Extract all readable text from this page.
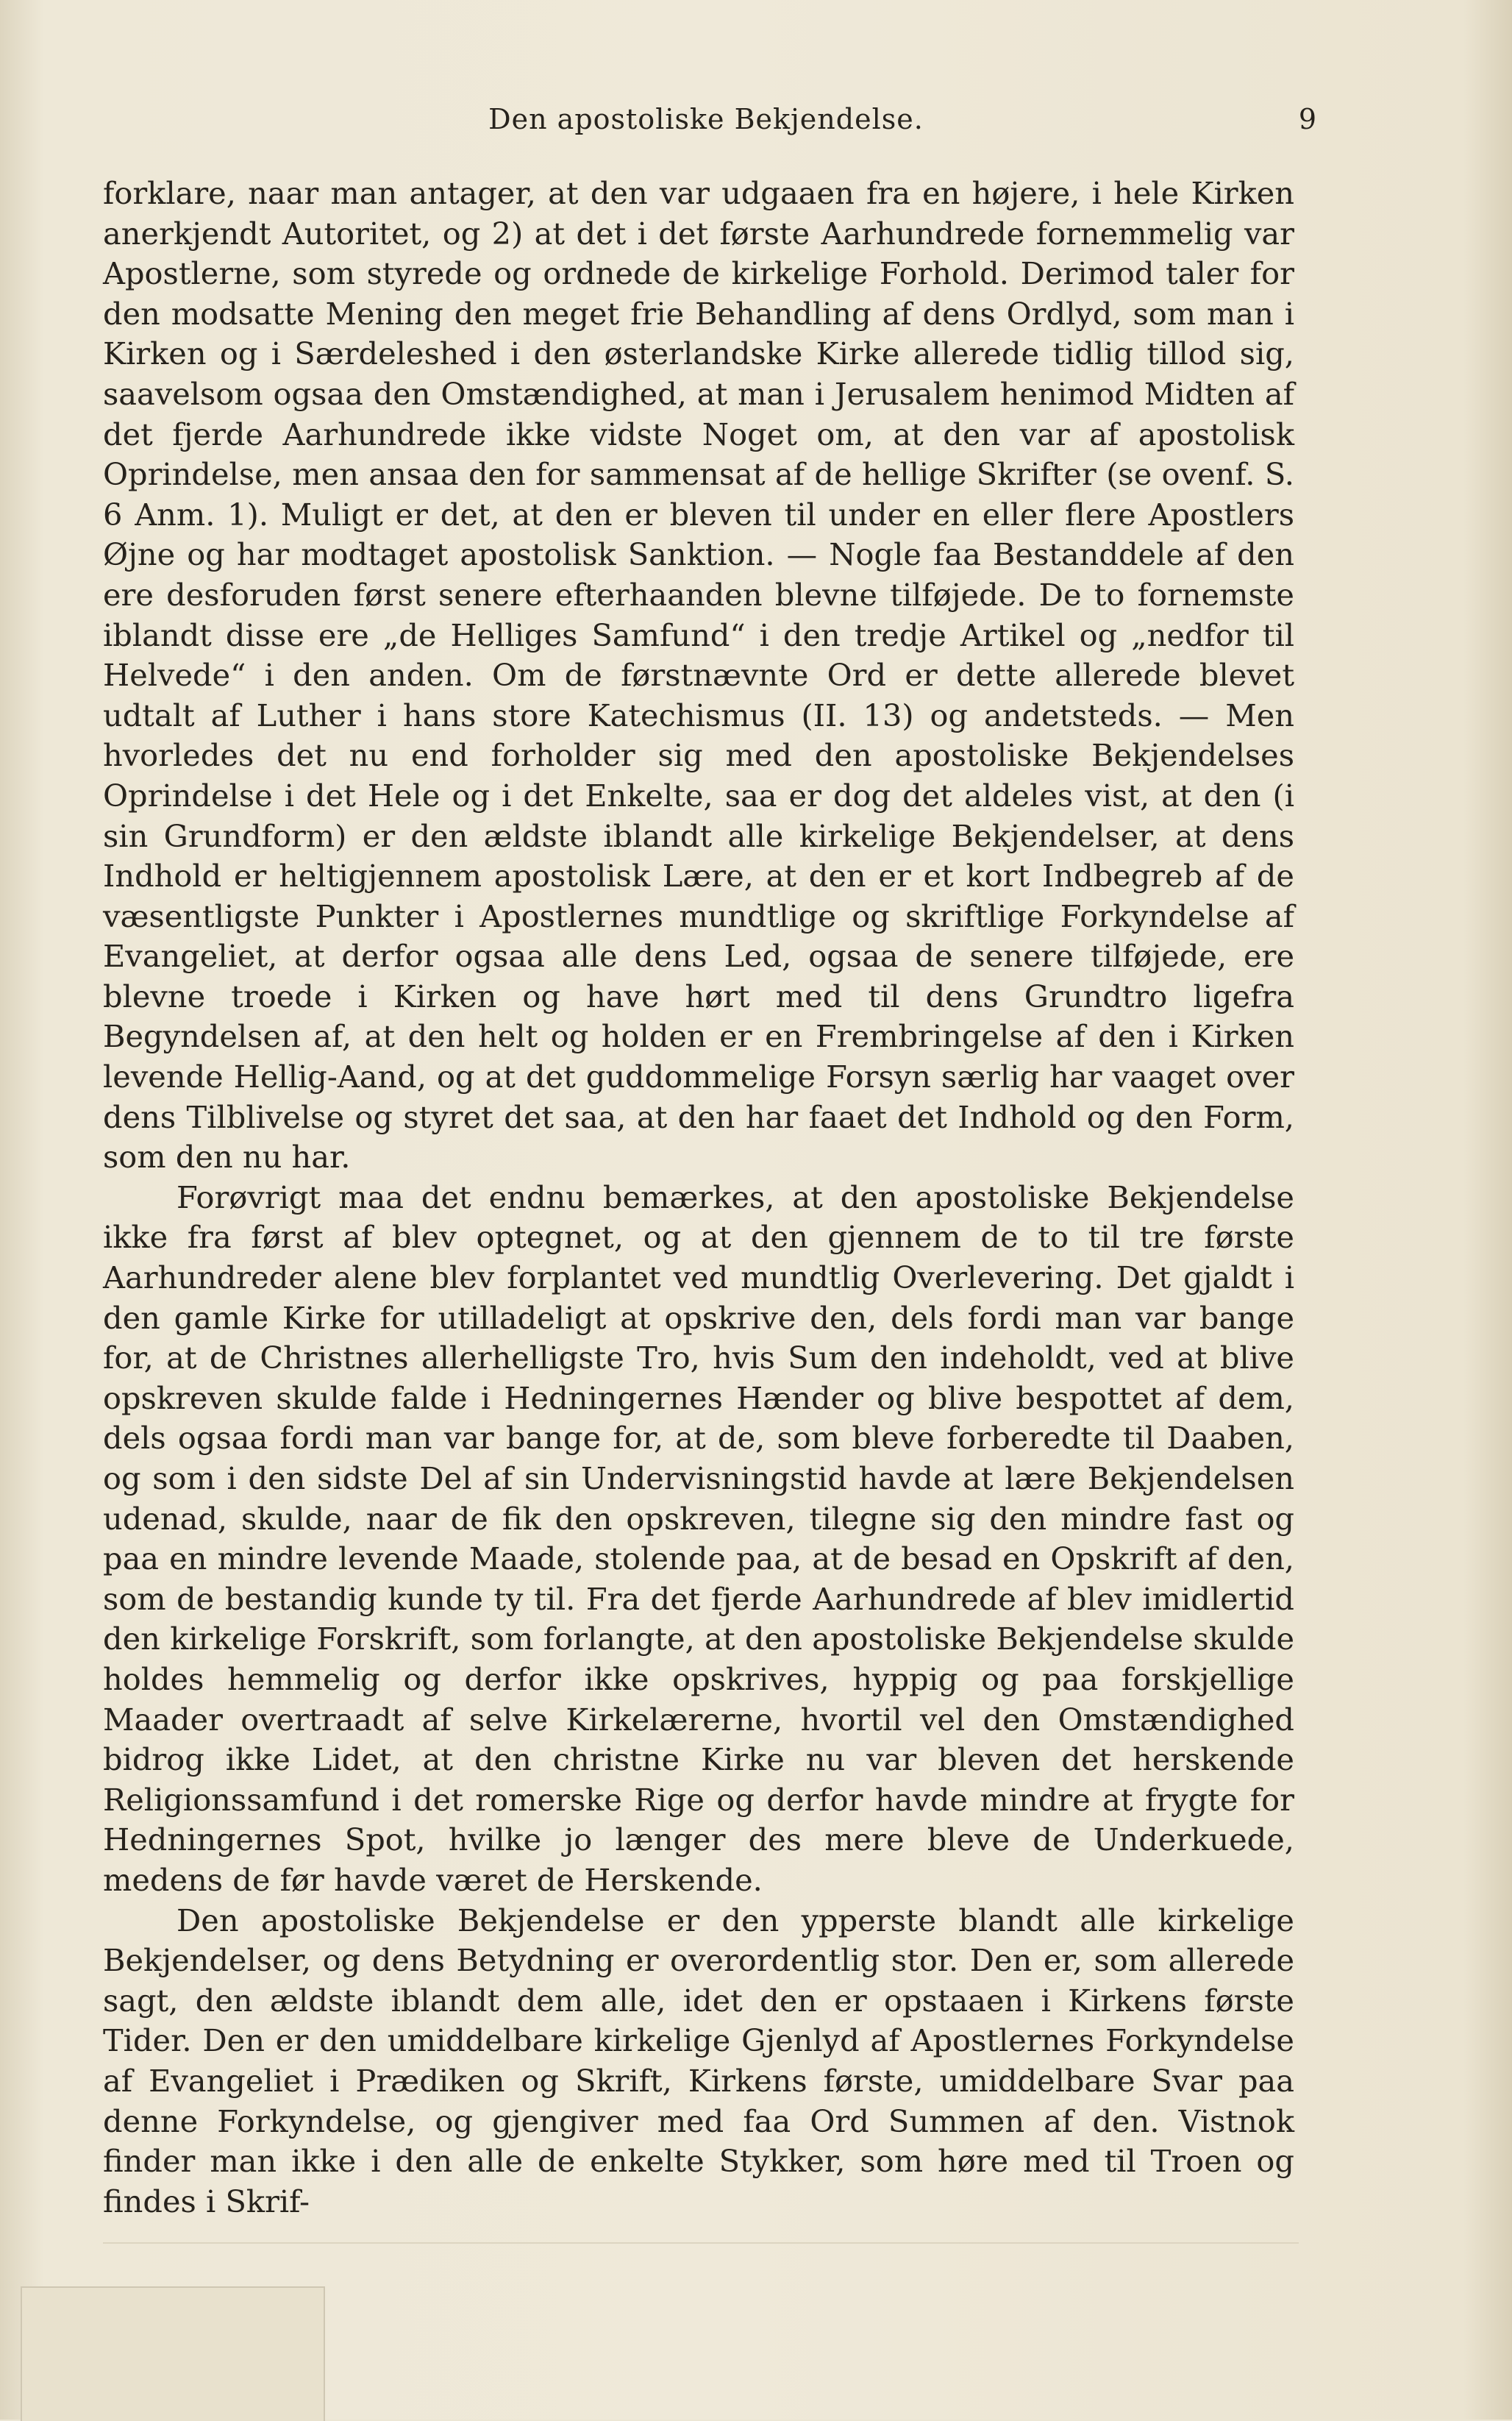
Den apostoliske Bekjendelse.	9

forklare, naar man antager, at den var udgaaen fra en højere, i hele Kirken anerkjendt Autoritet, og 2) at det i det første Aarhundrede fornemmelig var Apostlerne, som styrede og ordnede de kirkelige Forhold. Derimod taler for den modsatte Mening den meget frie Behandling af dens Ordlyd, som man i Kirken og i Særdeleshed i den østerlandske Kirke allerede tidlig tillod sig, saavelsom ogsaa den Omstændighed, at man i Jerusalem henimod Midten af det fjerde Aarhundrede ikke vidste Noget om, at den var af apostolisk Oprindelse, men ansaa den for sammensat af de hellige Skrifter (se ovenf. S. 6 Anm. 1). Muligt er det, at den er bleven til under en eller flere Apostlers Øjne og har modtaget apostolisk Sanktion. — Nogle faa Bestanddele af den ere desforuden først senere efterhaanden blevne tilføjede. De to fornemste iblandt disse ere „de Helliges Samfund“ i den tredje Artikel og „nedfor til Helvede“ i den anden. Om de førstnævnte Ord er dette allerede blevet udtalt af Luther i hans store Katechismus (II. 13) og andetsteds. — Men hvorledes det nu end forholder sig med den apostoliske Bekjendelses Oprindelse i det Hele og i det Enkelte, saa er dog det aldeles vist, at den (i sin Grundform) er den ældste iblandt alle kirkelige Bekjendelser, at dens Indhold er heltigjennem apostolisk Lære, at den er et kort Indbegreb af de væsentligste Punkter i Apostlernes mundtlige og skriftlige Forkyndelse af Evangeliet, at derfor ogsaa alle dens Led, ogsaa de senere tilføjede, ere blevne troede i Kirken og have hørt med til dens Grundtro ligefra Begyndelsen af, at den helt og holden er en Frembringelse af den i Kirken levende Hellig-Aand, og at det guddommelige Forsyn særlig har vaaget over dens Tilblivelse og styret det saa, at den har faaet det Indhold og den Form, som den nu har.

Forøvrigt maa det endnu bemærkes, at den apostoliske Bekjendelse ikke fra først af blev optegnet, og at den gjennem de to til tre første Aarhundreder alene blev forplantet ved mundtlig Overlevering. Det gjaldt i den gamle Kirke for utilladeligt at opskrive den, dels fordi man var bange for, at de Christnes allerhelligste Tro, hvis Sum den indeholdt, ved at blive opskreven skulde falde i Hedningernes Hænder og blive bespottet af dem, dels ogsaa fordi man var bange for, at de, som bleve forberedte til Daaben, og som i den sidste Del af sin Undervisningstid havde at lære Bekjendelsen udenad, skulde, naar de fik den opskreven, tilegne sig den mindre fast og paa en mindre levende Maade, stolende paa, at de besad en Opskrift af den, som de bestandig kunde ty til. Fra det fjerde Aarhundrede af blev imidlertid den kirkelige Forskrift, som forlangte, at den apostoliske Bekjendelse skulde holdes hemmelig og derfor ikke opskrives, hyppig og paa forskjellige Maader overtraadt af selve Kirkelærerne, hvortil vel den Omstændighed bidrog ikke Lidet, at den christne Kirke nu var bleven det herskende Religionssamfund i det romerske Rige og derfor havde mindre at frygte for Hedningernes Spot, hvilke jo længer des mere bleve de Underkuede, medens de før havde været de Herskende.

Den apostoliske Bekjendelse er den ypperste blandt alle kirkelige Bekjendelser, og dens Betydning er overordentlig stor. Den er, som allerede sagt, den ældste iblandt dem alle, idet den er opstaaen i Kirkens første Tider. Den er den umiddelbare kirkelige Gjenlyd af Apostlernes Forkyndelse af Evangeliet i Prædiken og Skrift, Kirkens første, umiddelbare Svar paa denne Forkyndelse, og gjengiver med faa Ord Summen af den. Vistnok finder man ikke i den alle de enkelte Stykker, som høre med til Troen og findes i Skrif-
